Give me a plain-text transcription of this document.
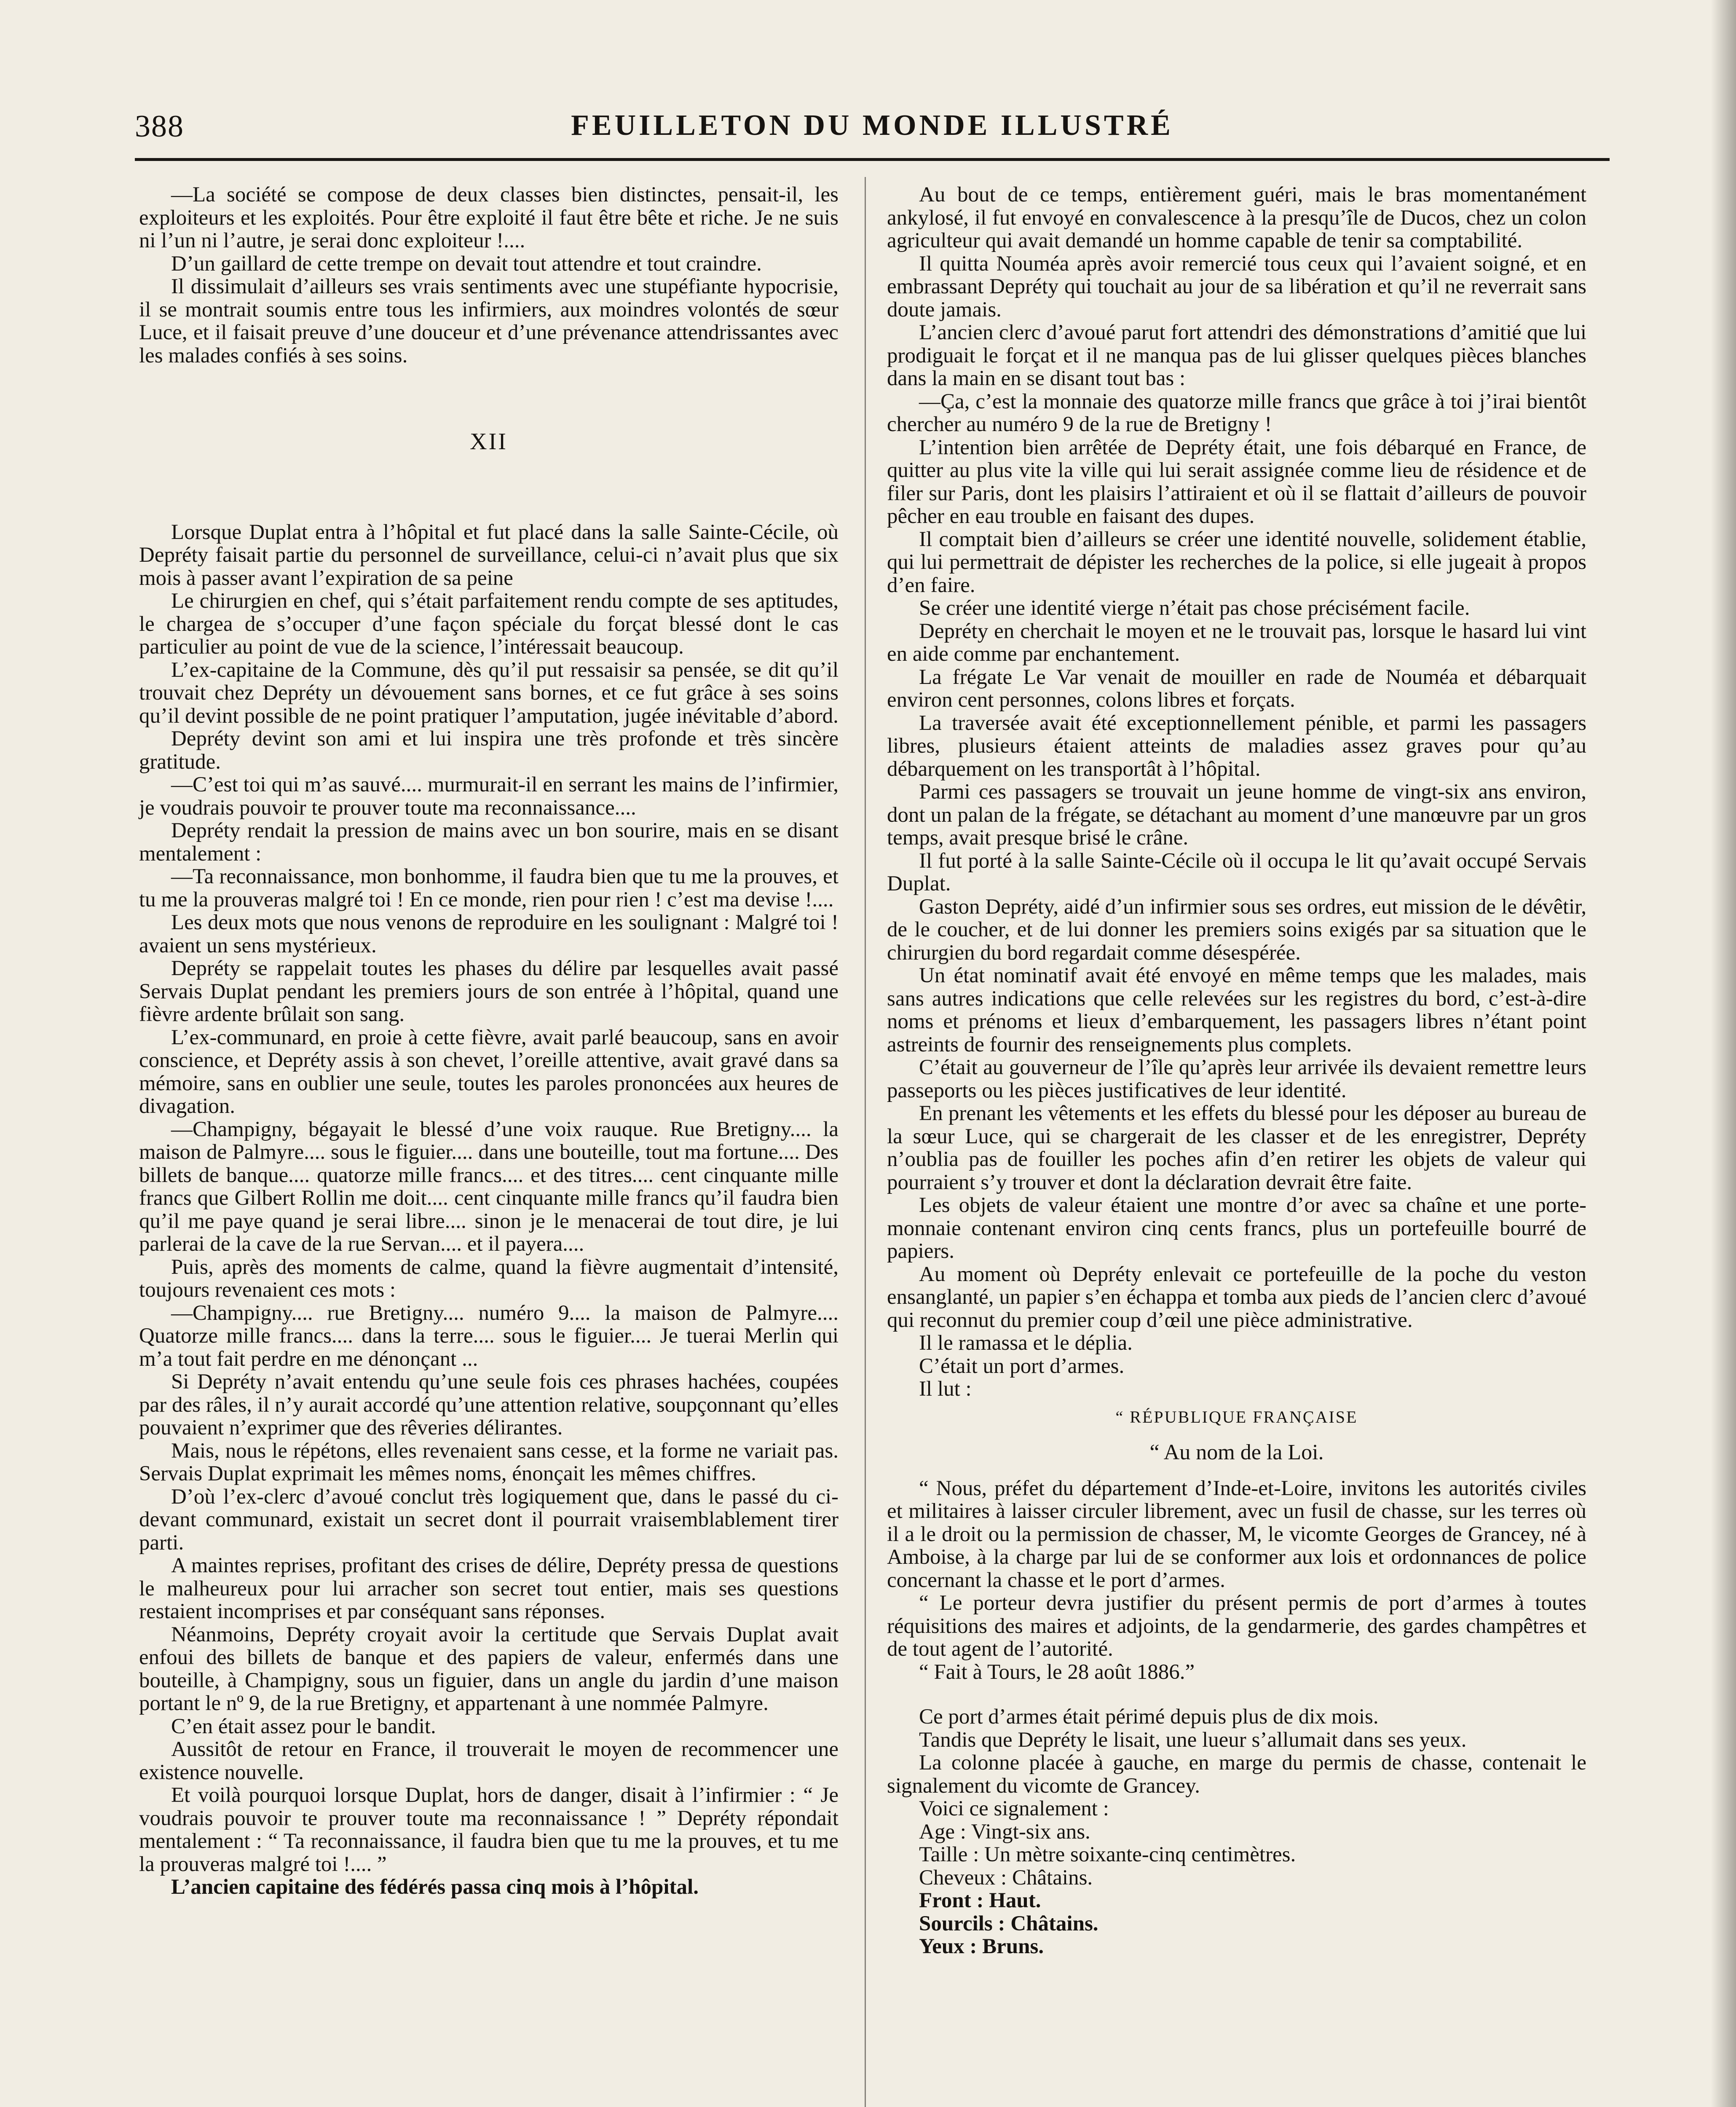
388	FEUILLETON DU MONDE ILLUSTRÉ

—La société se compose de deux classes bien distinctes, pensait-il, les exploiteurs et les exploités. Pour être exploité il faut être bête et riche. Je ne suis ni l’un ni l’autre, je serai donc exploiteur !....

D’un gaillard de cette trempe on devait tout attendre et tout craindre.

Il dissimulait d’ailleurs ses vrais sentiments avec une stupéfiante hypocrisie, il se montrait soumis entre tous les infirmiers, aux moindres volontés de sœur Luce, et il faisait preuve d’une douceur et d’une prévenance attendrissantes avec les malades confiés à ses soins.

XII

Lorsque Duplat entra à l’hôpital et fut placé dans la salle Sainte-Cécile, où Depréty faisait partie du personnel de surveillance, celui-ci n’avait plus que six mois à passer avant l’expiration de sa peine

Le chirurgien en chef, qui s’était parfaitement rendu compte de ses aptitudes, le chargea de s’occuper d’une façon spéciale du forçat blessé dont le cas particulier au point de vue de la science, l’intéressait beaucoup.

L’ex-capitaine de la Commune, dès qu’il put ressaisir sa pensée, se dit qu’il trouvait chez Depréty un dévouement sans bornes, et ce fut grâce à ses soins qu’il devint possible de ne point pratiquer l’amputation, jugée inévitable d’abord.

Depréty devint son ami et lui inspira une très profonde et très sincère gratitude.

—C’est toi qui m’as sauvé.... murmurait-il en serrant les mains de l’infirmier, je voudrais pouvoir te prouver toute ma reconnaissance....

Depréty rendait la pression de mains avec un bon sourire, mais en se disant mentalement :

—Ta reconnaissance, mon bonhomme, il faudra bien que tu me la prouves, et tu me la prouveras malgré toi ! En ce monde, rien pour rien ! c’est ma devise !....

Les deux mots que nous venons de reproduire en les soulignant : Malgré toi ! avaient un sens mystérieux.

Depréty se rappelait toutes les phases du délire par lesquelles avait passé Servais Duplat pendant les premiers jours de son entrée à l’hôpital, quand une fièvre ardente brûlait son sang.

L’ex-communard, en proie à cette fièvre, avait parlé beaucoup, sans en avoir conscience, et Depréty assis à son chevet, l’oreille attentive, avait gravé dans sa mémoire, sans en oublier une seule, toutes les paroles prononcées aux heures de divagation.

—Champigny, bégayait le blessé d’une voix rauque. Rue Bretigny.... la maison de Palmyre.... sous le figuier.... dans une bouteille, tout ma fortune.... Des billets de banque.... quatorze mille francs.... et des titres.... cent cinquante mille francs que Gilbert Rollin me doit.... cent cinquante mille francs qu’il faudra bien qu’il me paye quand je serai libre.... sinon je le menacerai de tout dire, je lui parlerai de la cave de la rue Servan.... et il payera....

Puis, après des moments de calme, quand la fièvre augmentait d’intensité, toujours revenaient ces mots :

—Champigny.... rue Bretigny.... numéro 9.... la maison de Palmyre.... Quatorze mille francs.... dans la terre.... sous le figuier.... Je tuerai Merlin qui m’a tout fait perdre en me dénonçant ...

Si Depréty n’avait entendu qu’une seule fois ces phrases hachées, coupées par des râles, il n’y aurait accordé qu’une attention relative, soupçonnant qu’elles pouvaient n’exprimer que des rêveries délirantes.

Mais, nous le répétons, elles revenaient sans cesse, et la forme ne variait pas. Servais Duplat exprimait les mêmes noms, énonçait les mêmes chiffres.

D’où l’ex-clerc d’avoué conclut très logiquement que, dans le passé du ci-devant communard, existait un secret dont il pourrait vraisemblablement tirer parti.

A maintes reprises, profitant des crises de délire, Depréty pressa de questions le malheureux pour lui arracher son secret tout entier, mais ses questions restaient incomprises et par conséquant sans réponses.

Néanmoins, Depréty croyait avoir la certitude que Servais Duplat avait enfoui des billets de banque et des papiers de valeur, enfermés dans une bouteille, à Champigny, sous un figuier, dans un angle du jardin d’une maison portant le nº 9, de la rue Bretigny, et appartenant à une nommée Palmyre.

C’en était assez pour le bandit.

Aussitôt de retour en France, il trouverait le moyen de recommencer une existence nouvelle.

Et voilà pourquoi lorsque Duplat, hors de danger, disait à l’infirmier : “ Je voudrais pouvoir te prouver toute ma reconnaissance ! ” Depréty répondait mentalement : “ Ta reconnaissance, il faudra bien que tu me la prouves, et tu me la prouveras malgré toi !.... ”

L’ancien capitaine des fédérés passa cinq mois à l’hôpital.

Au bout de ce temps, entièrement guéri, mais le bras momentanément ankylosé, il fut envoyé en convalescence à la presqu’île de Ducos, chez un colon agriculteur qui avait demandé un homme capable de tenir sa comptabilité.

Il quitta Nouméa après avoir remercié tous ceux qui l’avaient soigné, et en embrassant Depréty qui touchait au jour de sa libération et qu’il ne reverrait sans doute jamais.

L’ancien clerc d’avoué parut fort attendri des démonstrations d’amitié que lui prodiguait le forçat et il ne manqua pas de lui glisser quelques pièces blanches dans la main en se disant tout bas :

—Ça, c’est la monnaie des quatorze mille francs que grâce à toi j’irai bientôt chercher au numéro 9 de la rue de Bretigny !

L’intention bien arrêtée de Depréty était, une fois débarqué en France, de quitter au plus vite la ville qui lui serait assignée comme lieu de résidence et de filer sur Paris, dont les plaisirs l’attiraient et où il se flattait d’ailleurs de pouvoir pêcher en eau trouble en faisant des dupes.

Il comptait bien d’ailleurs se créer une identité nouvelle, solidement établie, qui lui permettrait de dépister les recherches de la police, si elle jugeait à propos d’en faire.

Se créer une identité vierge n’était pas chose précisément facile.

Depréty en cherchait le moyen et ne le trouvait pas, lorsque le hasard lui vint en aide comme par enchantement.

La frégate Le Var venait de mouiller en rade de Nouméa et débarquait environ cent personnes, colons libres et forçats.

La traversée avait été exceptionnellement pénible, et parmi les passagers libres, plusieurs étaient atteints de maladies assez graves pour qu’au débarquement on les transportât à l’hôpital.

Parmi ces passagers se trouvait un jeune homme de vingt-six ans environ, dont un palan de la frégate, se détachant au moment d’une manœuvre par un gros temps, avait presque brisé le crâne.

Il fut porté à la salle Sainte-Cécile où il occupa le lit qu’avait occupé Servais Duplat.

Gaston Depréty, aidé d’un infirmier sous ses ordres, eut mission de le dévêtir, de le coucher, et de lui donner les premiers soins exigés par sa situation que le chirurgien du bord regardait comme désespérée.

Un état nominatif avait été envoyé en même temps que les malades, mais sans autres indications que celle relevées sur les registres du bord, c’est-à-dire noms et prénoms et lieux d’embarquement, les passagers libres n’étant point astreints de fournir des renseignements plus complets.

C’était au gouverneur de l’île qu’après leur arrivée ils devaient remettre leurs passeports ou les pièces justificatives de leur identité.

En prenant les vêtements et les effets du blessé pour les déposer au bureau de la sœur Luce, qui se chargerait de les classer et de les enregistrer, Depréty n’oublia pas de fouiller les poches afin d’en retirer les objets de valeur qui pourraient s’y trouver et dont la déclaration devrait être faite.

Les objets de valeur étaient une montre d’or avec sa chaîne et une porte-monnaie contenant environ cinq cents francs, plus un portefeuille bourré de papiers.

Au moment où Depréty enlevait ce portefeuille de la poche du veston ensanglanté, un papier s’en échappa et tomba aux pieds de l’ancien clerc d’avoué qui reconnut du premier coup d’œil une pièce administrative.

Il le ramassa et le déplia.

C’était un port d’armes.

Il lut :

“ RÉPUBLIQUE FRANÇAISE

“ Au nom de la Loi.

“ Nous, préfet du département d’Inde-et-Loire, invitons les autorités civiles et militaires à laisser circuler librement, avec un fusil de chasse, sur les terres où il a le droit ou la permission de chasser, M, le vicomte Georges de Grancey, né à Amboise, à la charge par lui de se conformer aux lois et ordonnances de police concernant la chasse et le port d’armes.

“ Le porteur devra justifier du présent permis de port d’armes à toutes réquisitions des maires et adjoints, de la gendarmerie, des gardes champêtres et de tout agent de l’autorité.

“ Fait à Tours, le 28 août 1886.”

Ce port d’armes était périmé depuis plus de dix mois.

Tandis que Depréty le lisait, une lueur s’allumait dans ses yeux.

La colonne placée à gauche, en marge du permis de chasse, contenait le signalement du vicomte de Grancey.

Voici ce signalement :

Age : Vingt-six ans.

Taille : Un mètre soixante-cinq centimètres.

Cheveux : Châtains.

Front : Haut.

Sourcils : Châtains.

Yeux : Bruns.
